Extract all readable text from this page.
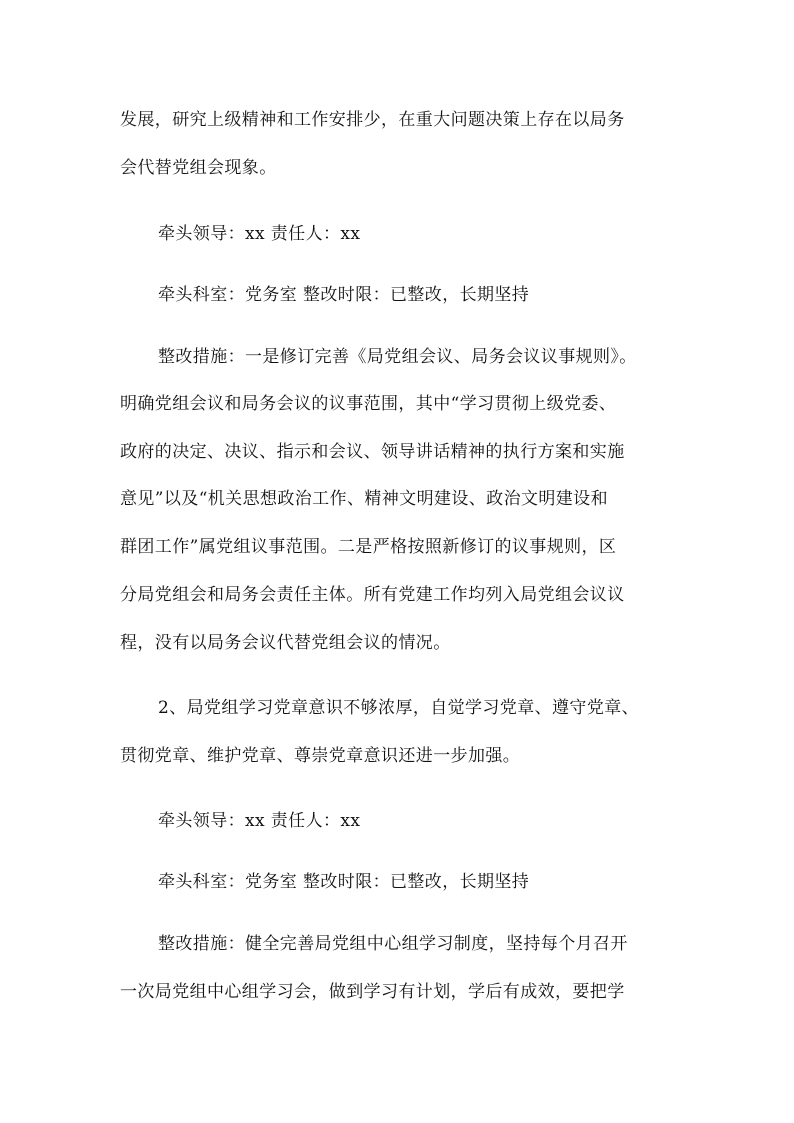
发展，研究上级精神和工作安排少，在重大问题决策上存在以局务
会代替党组会现象。
牵头领导：xx 责任人：xx
牵头科室：党务室 整改时限：已整改，长期坚持
整改措施：一是修订完善《局党组会议、局务会议议事规则》。
明确党组会议和局务会议的议事范围，其中“学习贯彻上级党委、
政府的决定、决议、指示和会议、领导讲话精神的执行方案和实施
意见”以及“机关思想政治工作、精神文明建设、政治文明建设和
群团工作”属党组议事范围。二是严格按照新修订的议事规则，区
分局党组会和局务会责任主体。所有党建工作均列入局党组会议议
程，没有以局务会议代替党组会议的情况。
2、局党组学习党章意识不够浓厚，自觉学习党章、遵守党章、
贯彻党章、维护党章、尊崇党章意识还进一步加强。
牵头领导：xx 责任人：xx
牵头科室：党务室 整改时限：已整改，长期坚持
整改措施：健全完善局党组中心组学习制度，坚持每个月召开
一次局党组中心组学习会，做到学习有计划，学后有成效，要把学
